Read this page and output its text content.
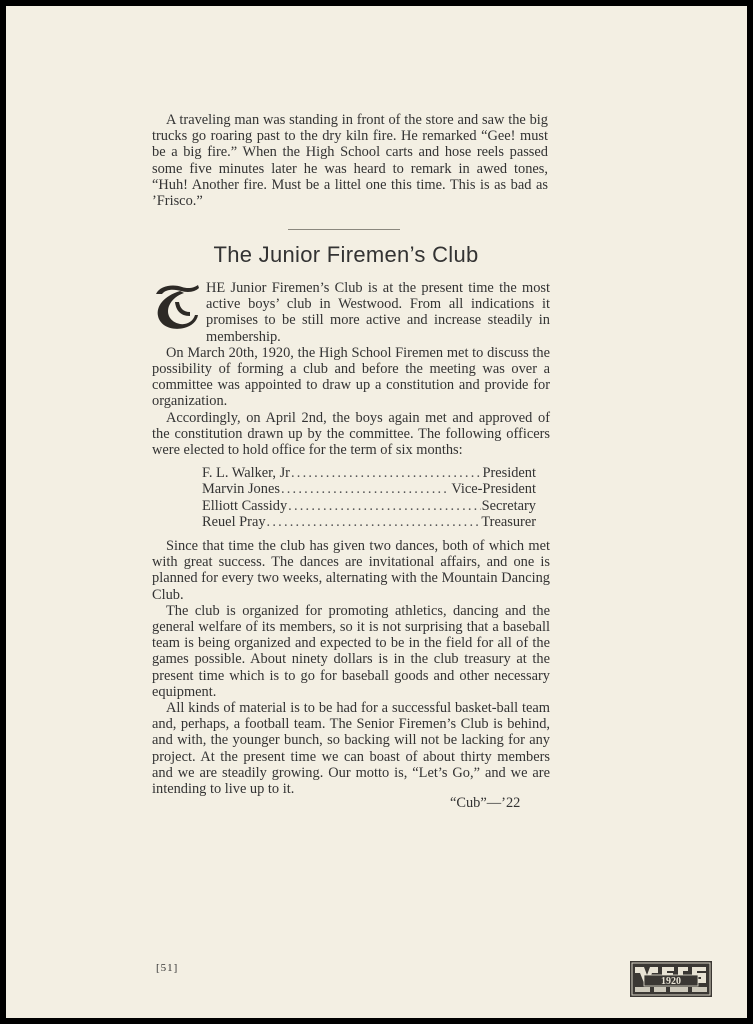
A traveling man was standing in front of the store and saw the big trucks go roaring past to the dry kiln fire. He remarked “Gee! must be a big fire.” When the High School carts and hose reels passed some five minutes later he was heard to remark in awed tones, “Huh! Another fire. Must be a littel one this time. This is as bad as ’Frisco.”

The Junior Firemen’s Club

HE Junior Firemen’s Club is at the present time the most active boys’ club in Westwood. From all indications it promises to be still more active and increase steadily in membership.

On March 20th, 1920, the High School Firemen met to discuss the possibility of forming a club and before the meeting was over a committee was appointed to draw up a constitution and provide for organization.

Accordingly, on April 2nd, the boys again met and approved of the constitution drawn up by the committee. The following officers were elected to hold office for the term of six months:

F. L. Walker, Jr .....	President
Marvin Jones .....	Vice-President
Elliott Cassidy .....	Secretary
Reuel Pray .....	Treasurer

Since that time the club has given two dances, both of which met with great success. The dances are invitational affairs, and one is planned for every two weeks, alternating with the Mountain Dancing Club.

The club is organized for promoting athletics, dancing and the general welfare of its members, so it is not surprising that a baseball team is being organized and expected to be in the field for all of the games possible. About ninety dollars is in the club treasury at the present time which is to go for baseball goods and other necessary equipment.

All kinds of material is to be had for a successful basket-ball team and, perhaps, a football team. The Senior Firemen’s Club is behind, and with, the younger bunch, so backing will not be lacking for any project. At the present time we can boast of about thirty members and we are steadily growing. Our motto is, “Let’s Go,” and we are intending to live up to it.

“Cub”—’22

[51]

1920
